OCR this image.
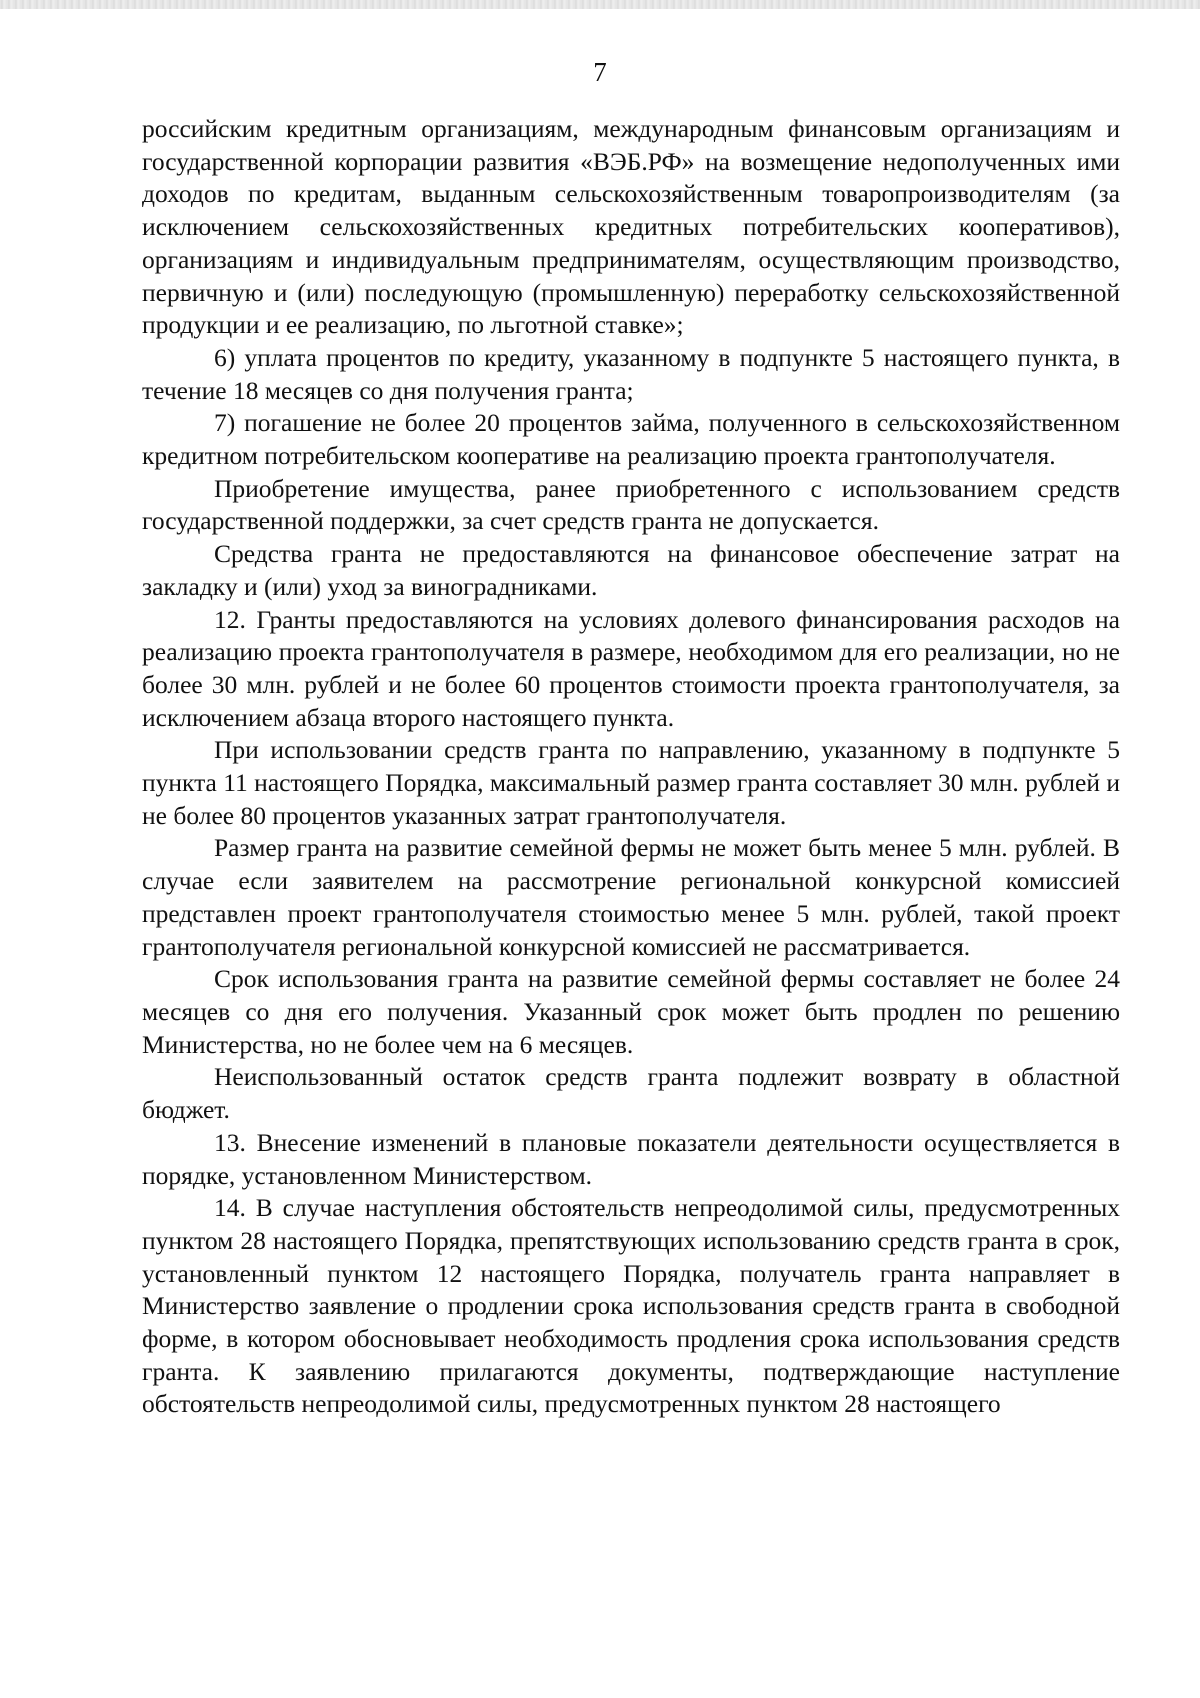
7

российским кредитным организациям, международным финансовым организациям и государственной корпорации развития «ВЭБ.РФ» на возмещение недополученных ими доходов по кредитам, выданным сельскохозяйственным товаропроизводителям (за исключением сельскохозяйственных кредитных потребительских кооперативов), организациям и индивидуальным предпринимателям, осуществляющим производство, первичную и (или) последующую (промышленную) переработку сельскохозяйственной продукции и ее реализацию, по льготной ставке»;

6) уплата процентов по кредиту, указанному в подпункте 5 настоящего пункта, в течение 18 месяцев со дня получения гранта;

7) погашение не более 20 процентов займа, полученного в сельскохозяйственном кредитном потребительском кооперативе на реализацию проекта грантополучателя.

Приобретение имущества, ранее приобретенного с использованием средств государственной поддержки, за счет средств гранта не допускается.

Средства гранта не предоставляются на финансовое обеспечение затрат на закладку и (или) уход за виноградниками.

12. Гранты предоставляются на условиях долевого финансирования расходов на реализацию проекта грантополучателя в размере, необходимом для его реализации, но не более 30 млн. рублей и не более 60 процентов стоимости проекта грантополучателя, за исключением абзаца второго настоящего пункта.

При использовании средств гранта по направлению, указанному в подпункте 5 пункта 11 настоящего Порядка, максимальный размер гранта составляет 30 млн. рублей и не более 80 процентов указанных затрат грантополучателя.

Размер гранта на развитие семейной фермы не может быть менее 5 млн. рублей. В случае если заявителем на рассмотрение региональной конкурсной комиссией представлен проект грантополучателя стоимостью менее 5 млн. рублей, такой проект грантополучателя региональной конкурсной комиссией не рассматривается.

Срок использования гранта на развитие семейной фермы составляет не более 24 месяцев со дня его получения. Указанный срок может быть продлен по решению Министерства, но не более чем на 6 месяцев.

Неиспользованный остаток средств гранта подлежит возврату в областной бюджет.

13. Внесение изменений в плановые показатели деятельности осуществляется в порядке, установленном Министерством.

14. В случае наступления обстоятельств непреодолимой силы, предусмотренных пунктом 28 настоящего Порядка, препятствующих использованию средств гранта в срок, установленный пунктом 12 настоящего Порядка, получатель гранта направляет в Министерство заявление о продлении срока использования средств гранта в свободной форме, в котором обосновывает необходимость продления срока использования средств гранта. К заявлению прилагаются документы, подтверждающие наступление обстоятельств непреодолимой силы, предусмотренных пунктом 28 настоящего
